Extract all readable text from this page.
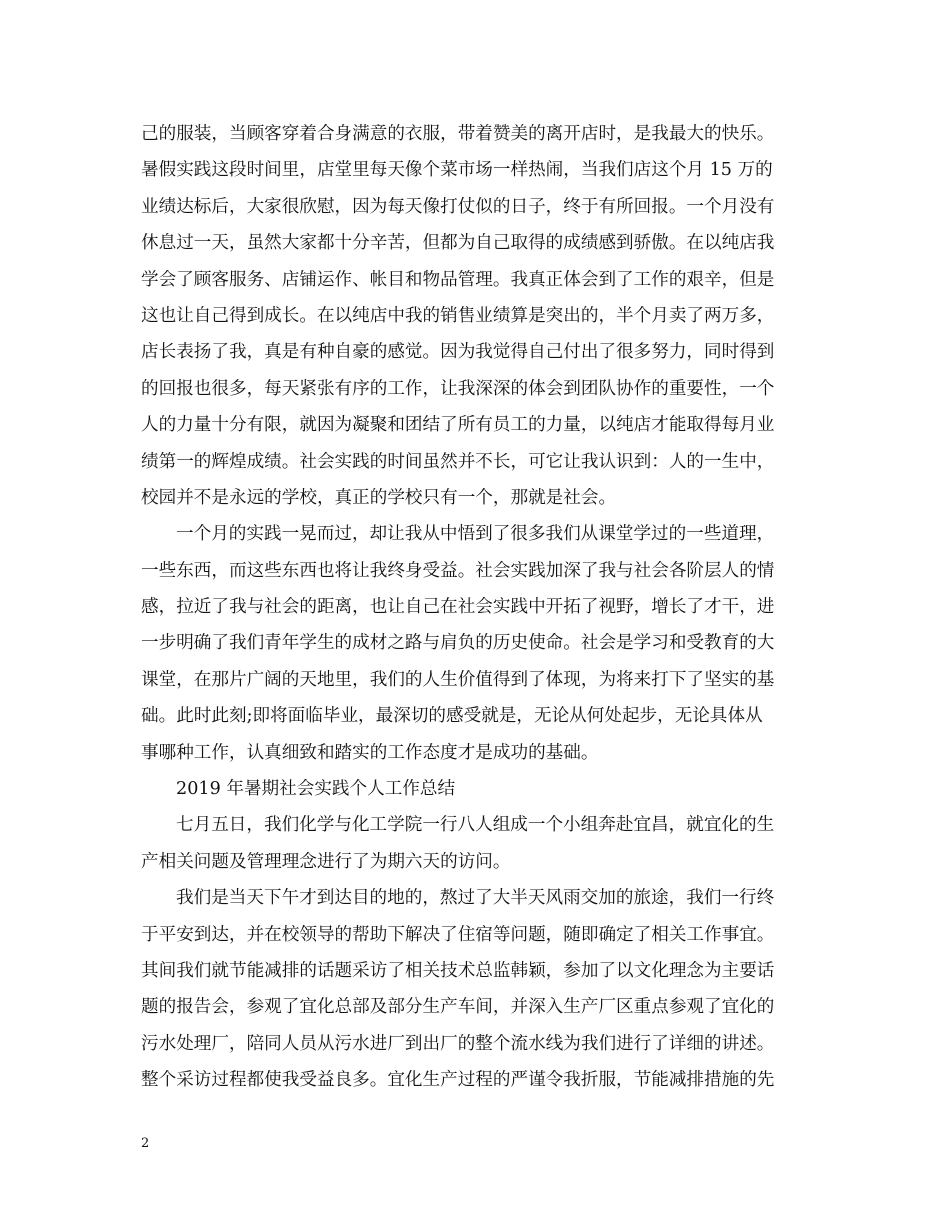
己的服装，当顾客穿着合身满意的衣服，带着赞美的离开店时，是我最大的快乐。
暑假实践这段时间里，店堂里每天像个菜市场一样热闹，当我们店这个月 15 万的
业绩达标后，大家很欣慰，因为每天像打仗似的日子，终于有所回报。一个月没有
休息过一天，虽然大家都十分辛苦，但都为自己取得的成绩感到骄傲。在以纯店我
学会了顾客服务、店铺运作、帐目和物品管理。我真正体会到了工作的艰辛，但是
这也让自己得到成长。在以纯店中我的销售业绩算是突出的，半个月卖了两万多，
店长表扬了我，真是有种自豪的感觉。因为我觉得自己付出了很多努力，同时得到
的回报也很多，每天紧张有序的工作，让我深深的体会到团队协作的重要性，一个
人的力量十分有限，就因为凝聚和团结了所有员工的力量，以纯店才能取得每月业
绩第一的辉煌成绩。社会实践的时间虽然并不长，可它让我认识到：人的一生中，
校园并不是永远的学校，真正的学校只有一个，那就是社会。
一个月的实践一晃而过，却让我从中悟到了很多我们从课堂学过的一些道理，
一些东西，而这些东西也将让我终身受益。社会实践加深了我与社会各阶层人的情
感，拉近了我与社会的距离，也让自己在社会实践中开拓了视野，增长了才干，进
一步明确了我们青年学生的成材之路与肩负的历史使命。社会是学习和受教育的大
课堂，在那片广阔的天地里，我们的人生价值得到了体现，为将来打下了坚实的基
础。此时此刻;即将面临毕业，最深切的感受就是，无论从何处起步，无论具体从
事哪种工作，认真细致和踏实的工作态度才是成功的基础。
2019 年暑期社会实践个人工作总结
七月五日，我们化学与化工学院一行八人组成一个小组奔赴宜昌，就宜化的生
产相关问题及管理理念进行了为期六天的访问。
我们是当天下午才到达目的地的，熬过了大半天风雨交加的旅途，我们一行终
于平安到达，并在校领导的帮助下解决了住宿等问题，随即确定了相关工作事宜。
其间我们就节能减排的话题采访了相关技术总监韩颖，参加了以文化理念为主要话
题的报告会，参观了宜化总部及部分生产车间，并深入生产厂区重点参观了宜化的
污水处理厂，陪同人员从污水进厂到出厂的整个流水线为我们进行了详细的讲述。
整个采访过程都使我受益良多。宜化生产过程的严谨令我折服，节能减排措施的先
2
